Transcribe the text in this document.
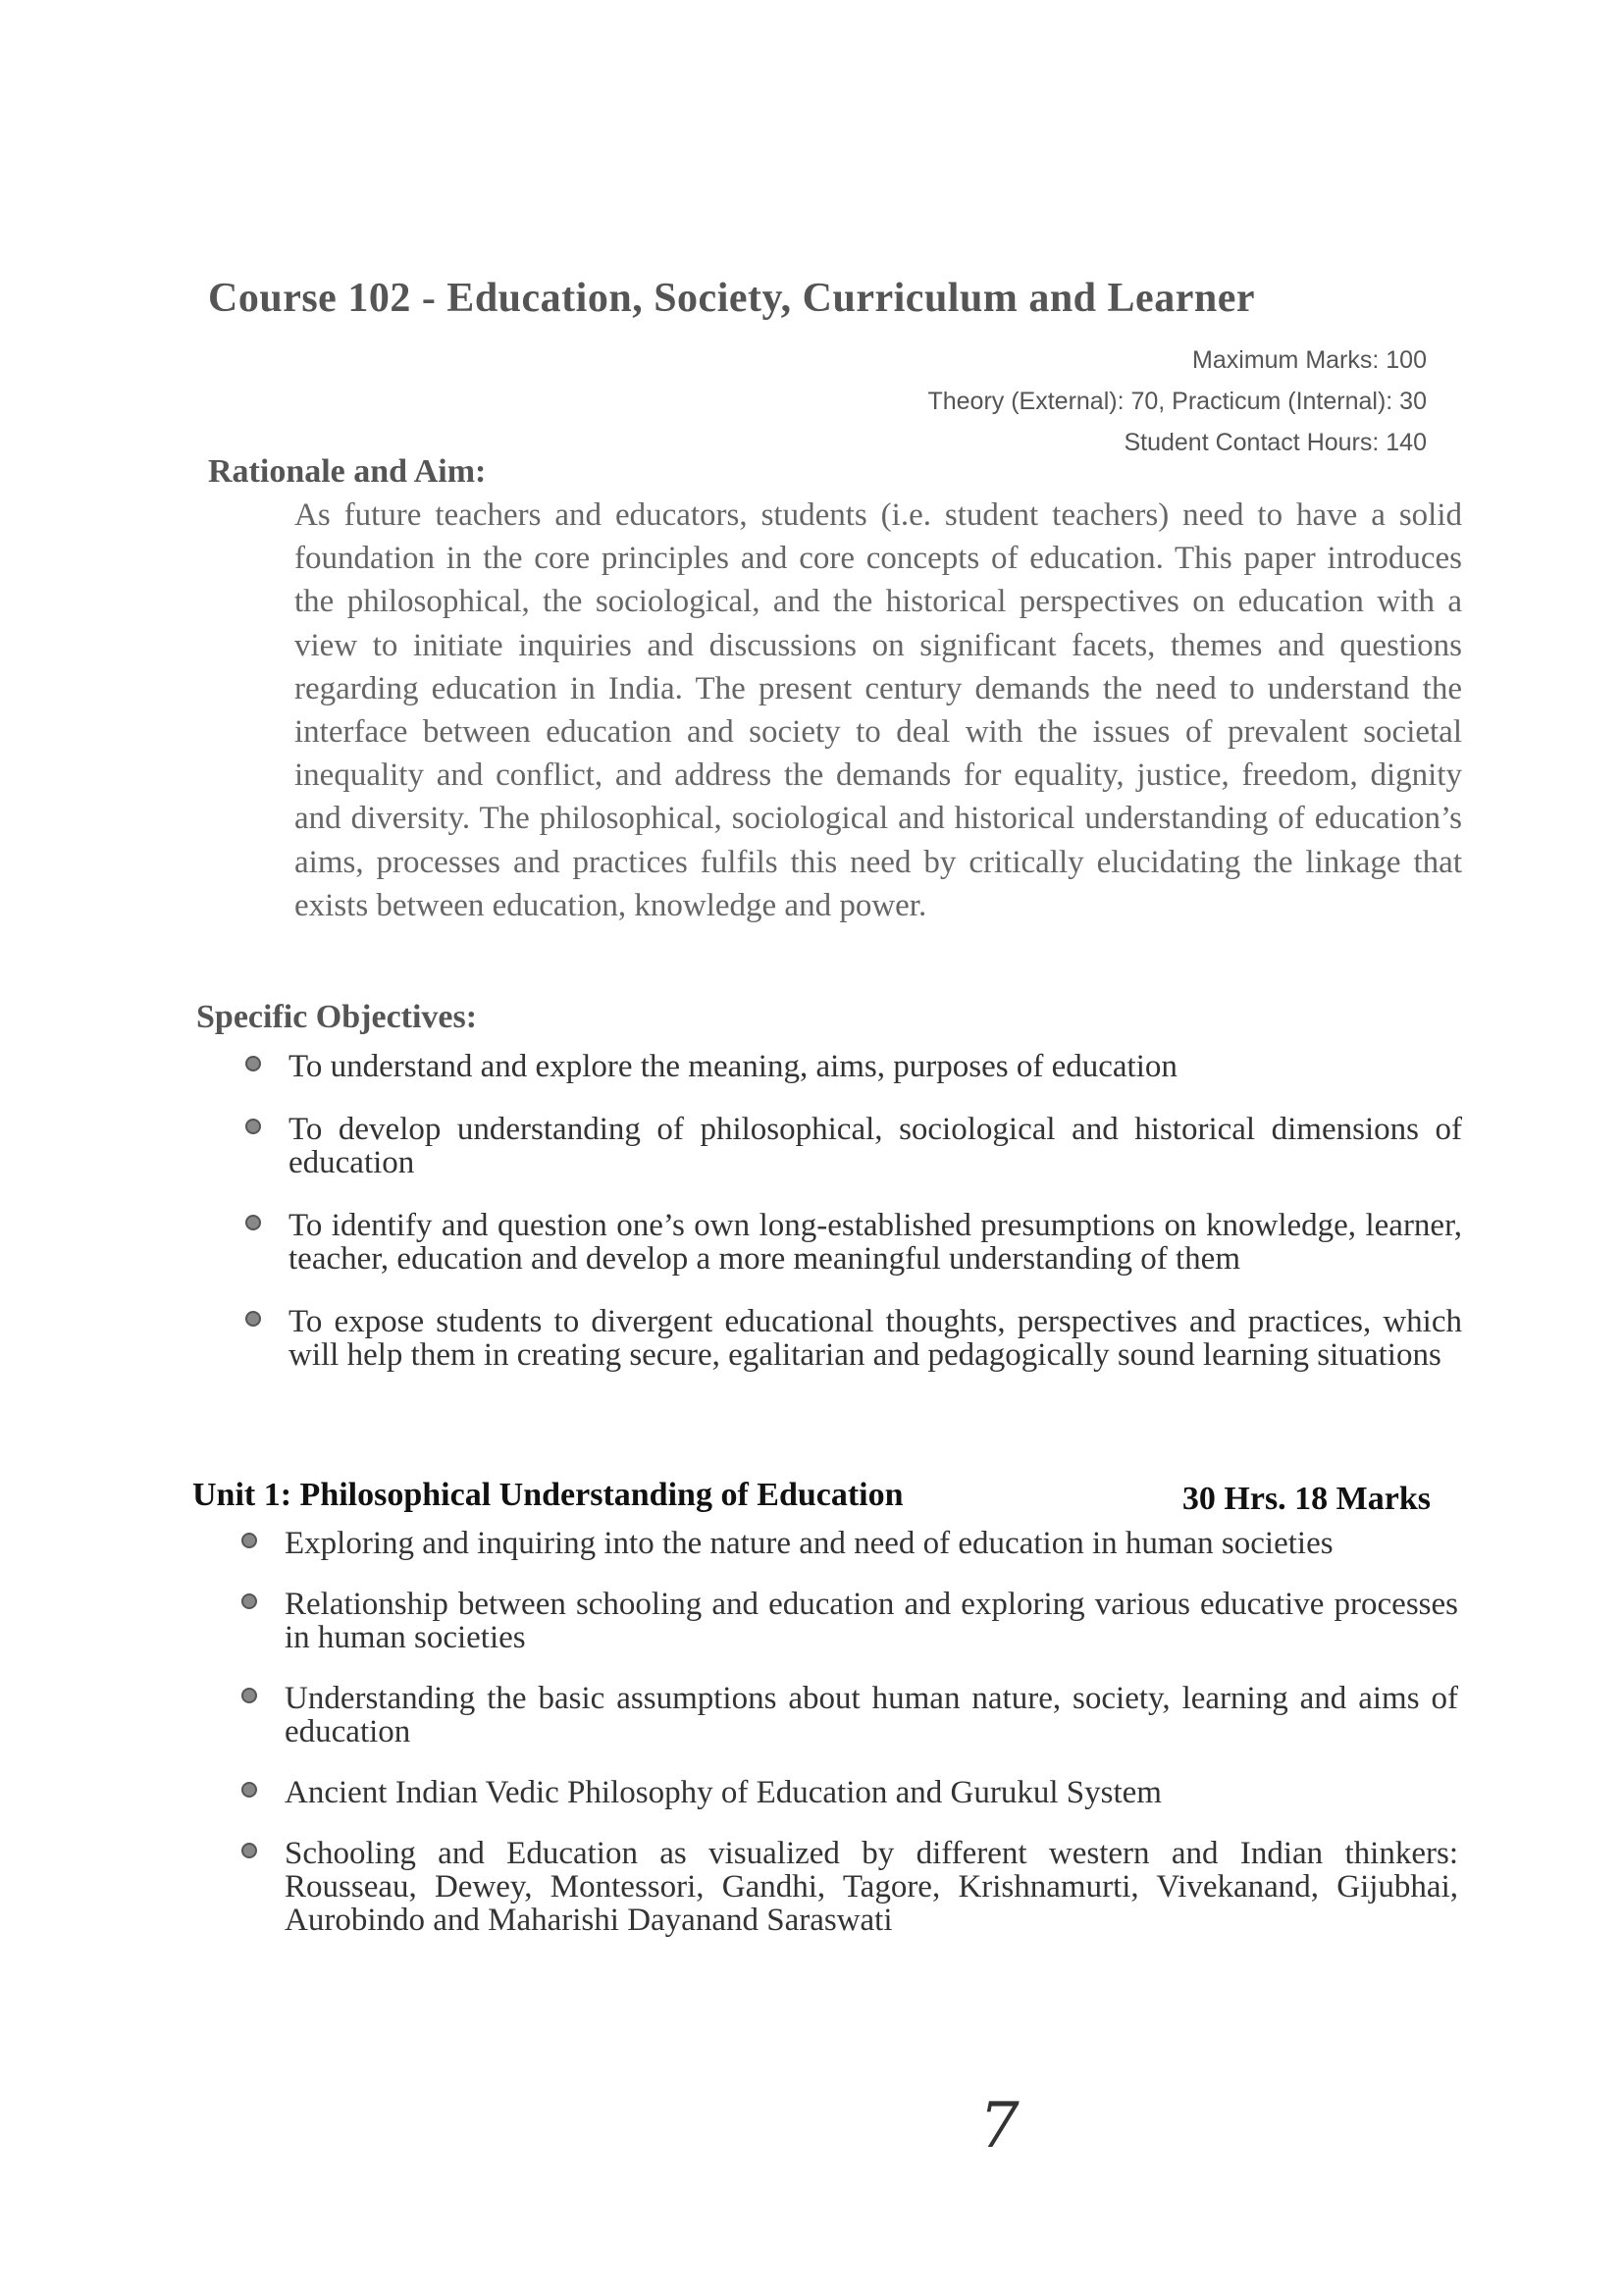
Course 102 - Education, Society, Curriculum and Learner
Maximum Marks: 100
Theory (External): 70, Practicum (Internal): 30
Student Contact Hours: 140
Rationale and Aim:
As future teachers and educators, students (i.e. student teachers) need to have a solid foundation in the core principles and core concepts of education. This paper introduces the philosophical, the sociological, and the historical perspectives on education with a view to initiate inquiries and discussions on significant facets, themes and questions regarding education in India. The present century demands the need to understand the interface between education and society to deal with the issues of prevalent societal inequality and conflict, and address the demands for equality, justice, freedom, dignity and diversity. The philosophical, sociological and historical understanding of education’s aims, processes and practices fulfils this need by critically elucidating the linkage that exists between education, knowledge and power.
Specific Objectives:
To understand and explore the meaning, aims, purposes of education
To develop understanding of philosophical, sociological and historical dimensions of education
To identify and question one’s own long-established presumptions on knowledge, learner, teacher, education and develop a more meaningful understanding of them
To expose students to divergent educational thoughts, perspectives and practices, which will help them in creating secure, egalitarian and pedagogically sound learning situations
Unit 1: Philosophical Understanding of Education	30 Hrs. 18 Marks
Exploring and inquiring into the nature and need of education in human societies
Relationship between schooling and education and exploring various educative processes in human societies
Understanding the basic assumptions about human nature, society, learning and aims of education
Ancient Indian Vedic Philosophy of Education and Gurukul System
Schooling and Education as visualized by different western and Indian thinkers: Rousseau, Dewey, Montessori, Gandhi, Tagore, Krishnamurti, Vivekanand, Gijubhai, Aurobindo and Maharishi Dayanand Saraswati
7
